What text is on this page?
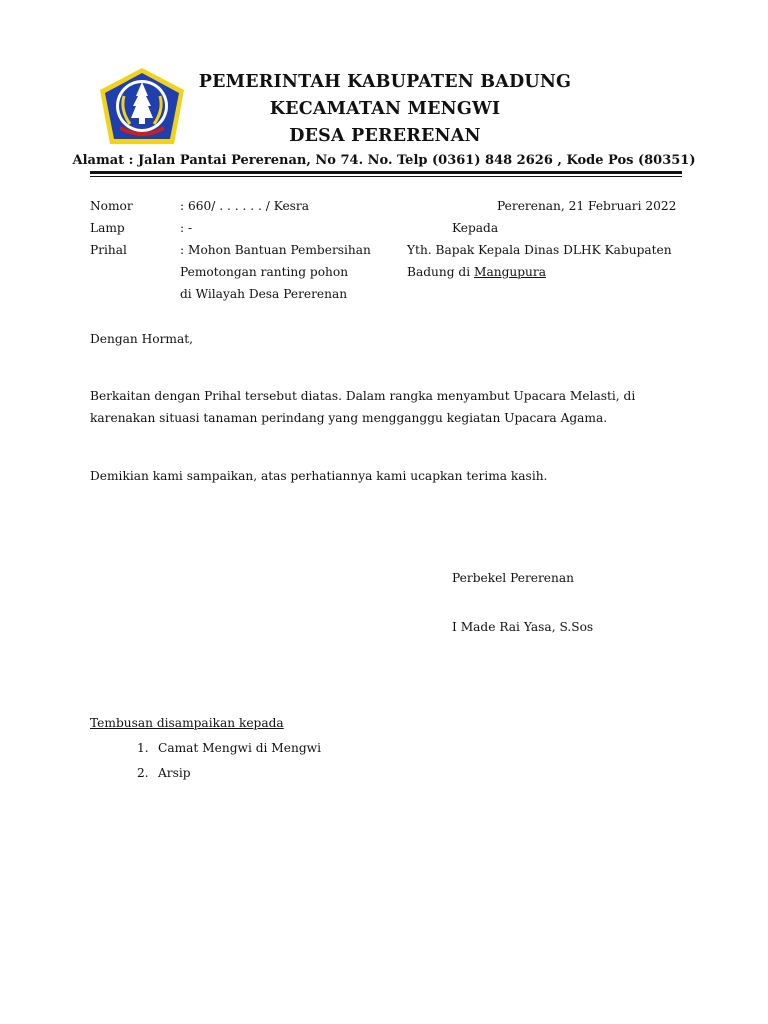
PEMERINTAH KABUPATEN BADUNG
KECAMATAN MENGWI
DESA PERERENAN
Alamat : Jalan Pantai Pererenan, No 74. No. Telp (0361) 848 2626 , Kode Pos (80351)
Nomor	: 660/ . . . . . . / Kesra
Lamp	: -
Prihal	: Mohon Bantuan Pembersihan
Pemotongan ranting pohon
di Wilayah Desa Pererenan
Pererenan, 21 Februari 2022
Kepada
Yth. Bapak Kepala Dinas DLHK Kabupaten
Badung di Mangupura
Dengan Hormat,
Berkaitan dengan Prihal tersebut diatas. Dalam rangka menyambut Upacara Melasti, di
karenakan situasi tanaman perindang yang mengganggu kegiatan Upacara Agama.
Demikian kami sampaikan, atas perhatiannya kami ucapkan terima kasih.
Perbekel Pererenan
I Made Rai Yasa, S.Sos
Tembusan disampaikan kepada
1. Camat Mengwi di Mengwi
2. Arsip
